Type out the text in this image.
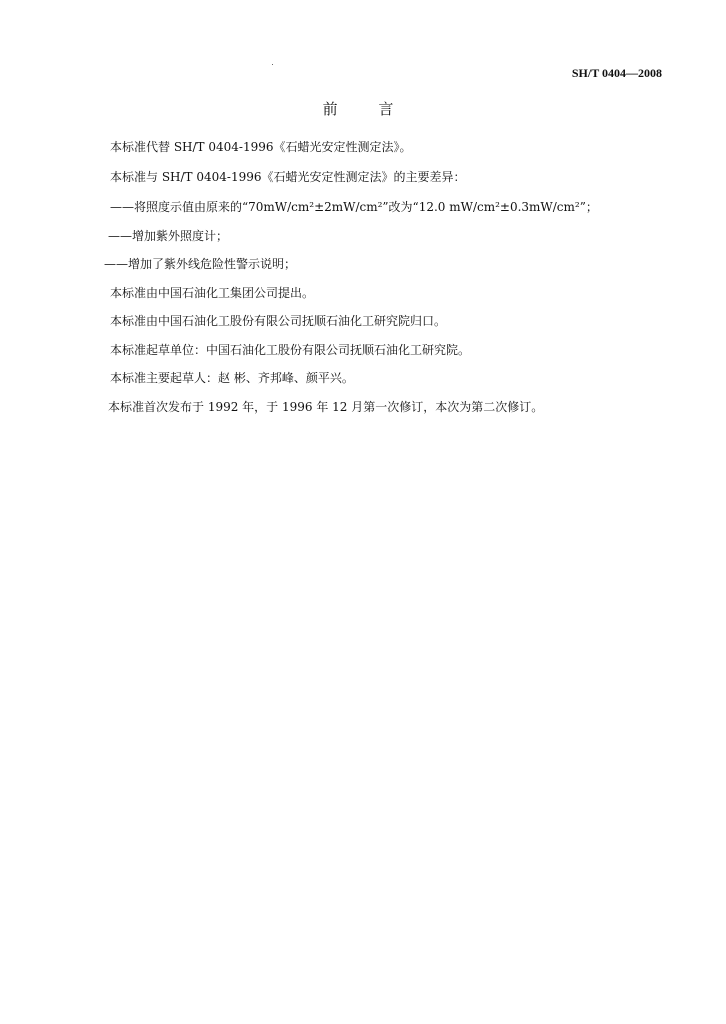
SH/T 0404—2008
前 言
本标准代替 SH/T 0404-1996《石蜡光安定性测定法》。
本标准与 SH/T 0404-1996《石蜡光安定性测定法》的主要差异：
——将照度示值由原来的“70mW/cm²±2mW/cm²”改为“12.0 mW/cm²±0.3mW/cm²”；
——增加紫外照度计；
——增加了紫外线危险性警示说明；
本标准由中国石油化工集团公司提出。
本标准由中国石油化工股份有限公司抚顺石油化工研究院归口。
本标准起草单位：中国石油化工股份有限公司抚顺石油化工研究院。
本标准主要起草人：赵 彬、齐邦峰、颜平兴。
本标准首次发布于 1992 年，于 1996 年 12 月第一次修订，本次为第二次修订。
